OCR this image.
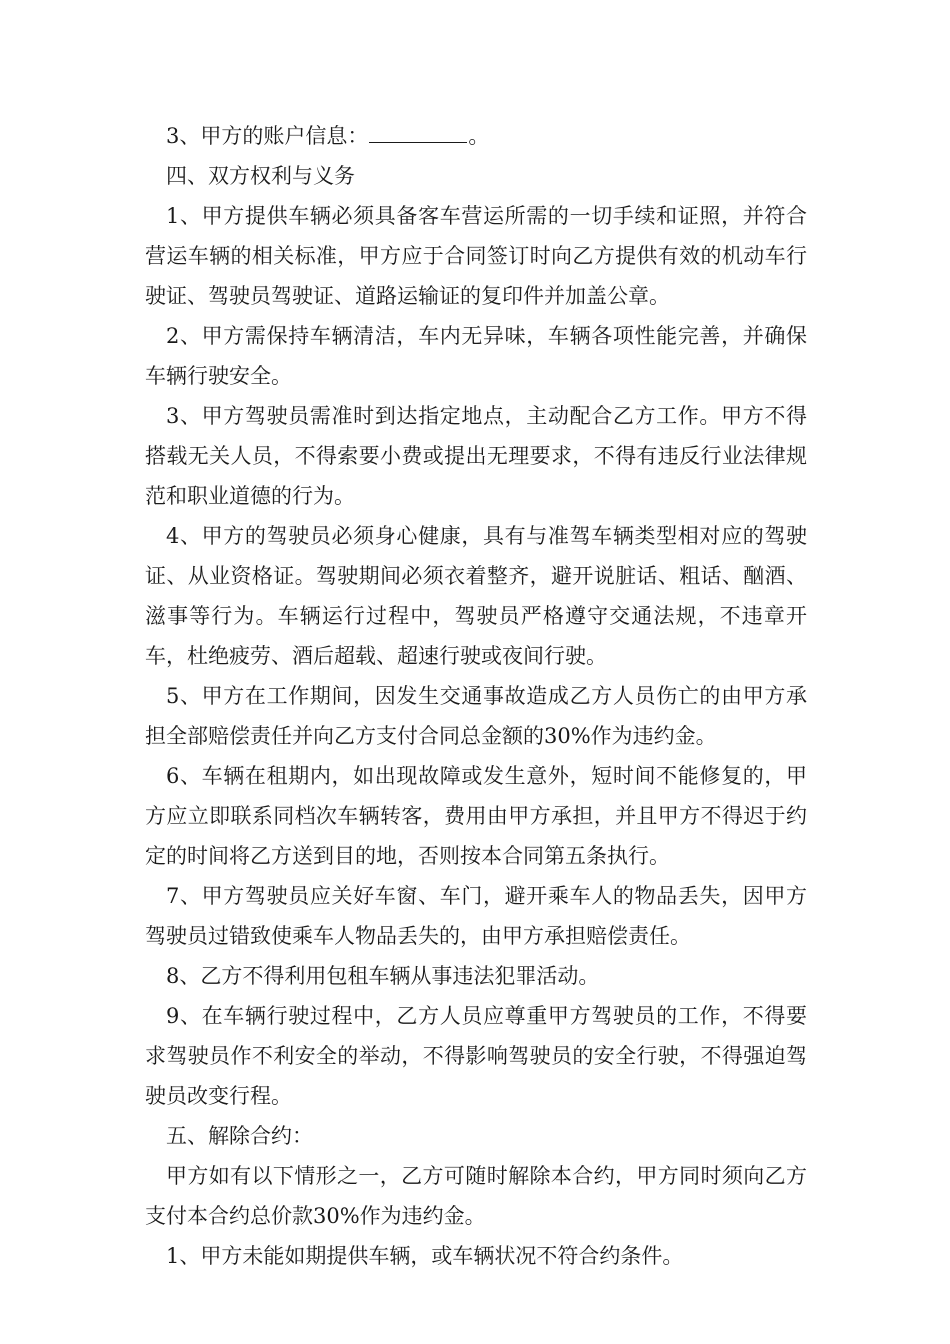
3、甲方的账户信息：	。

四、双方权利与义务

1、甲方提供车辆必须具备客车营运所需的一切手续和证照，并符合营运车辆的相关标准，甲方应于合同签订时向乙方提供有效的机动车行驶证、驾驶员驾驶证、道路运输证的复印件并加盖公章。

2、甲方需保持车辆清洁，车内无异味，车辆各项性能完善，并确保车辆行驶安全。

3、甲方驾驶员需准时到达指定地点，主动配合乙方工作。甲方不得搭载无关人员，不得索要小费或提出无理要求，不得有违反行业法律规范和职业道德的行为。

4、甲方的驾驶员必须身心健康，具有与准驾车辆类型相对应的驾驶证、从业资格证。驾驶期间必须衣着整齐，避开说脏话、粗话、酗酒、滋事等行为。车辆运行过程中，驾驶员严格遵守交通法规，不违章开车，杜绝疲劳、酒后超载、超速行驶或夜间行驶。

5、甲方在工作期间，因发生交通事故造成乙方人员伤亡的由甲方承担全部赔偿责任并向乙方支付合同总金额的30%作为违约金。

6、车辆在租期内，如出现故障或发生意外，短时间不能修复的，甲方应立即联系同档次车辆转客，费用由甲方承担，并且甲方不得迟于约定的时间将乙方送到目的地，否则按本合同第五条执行。

7、甲方驾驶员应关好车窗、车门，避开乘车人的物品丢失，因甲方驾驶员过错致使乘车人物品丢失的，由甲方承担赔偿责任。

8、乙方不得利用包租车辆从事违法犯罪活动。

9、在车辆行驶过程中，乙方人员应尊重甲方驾驶员的工作，不得要求驾驶员作不利安全的举动，不得影响驾驶员的安全行驶，不得强迫驾驶员改变行程。

五、解除合约：

甲方如有以下情形之一，乙方可随时解除本合约，甲方同时须向乙方支付本合约总价款30%作为违约金。

1、甲方未能如期提供车辆，或车辆状况不符合约条件。
